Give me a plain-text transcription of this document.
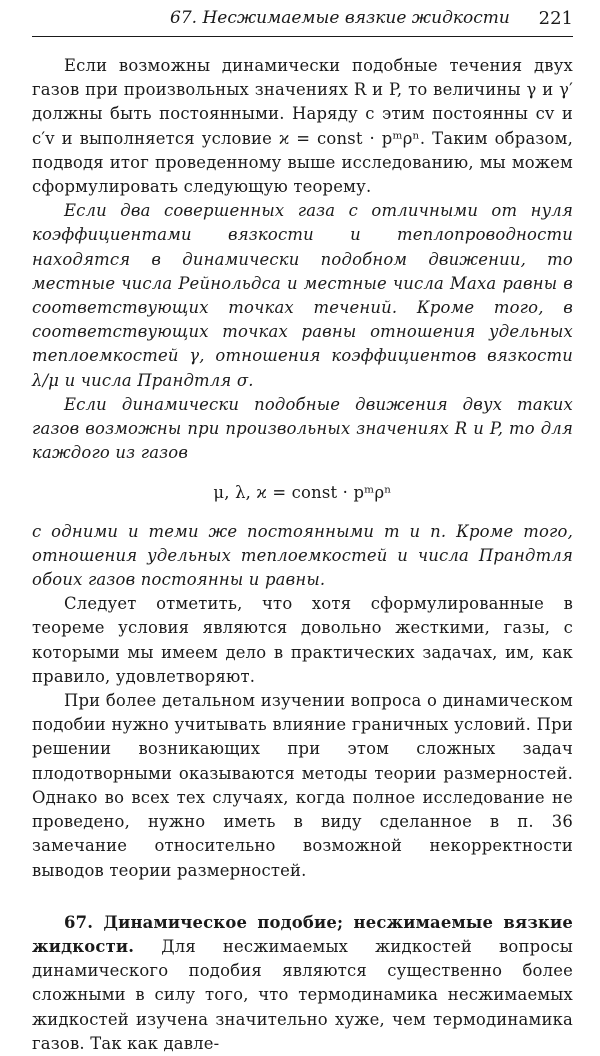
67. Несжимаемые вязкие жидкости 221

Если возможны динамически подобные течения двух газов при произвольных значениях R и P, то величины γ и γ′ должны быть постоянными. Наряду с этим постоянны cv и c′v и выполняется условие ϰ = const · pᵐρⁿ. Таким образом, подводя итог проведенному выше исследованию, мы можем сформулировать следующую теорему.

Если два совершенных газа с отличными от нуля коэффициентами вязкости и теплопроводности находятся в динамически подобном движении, то местные числа Рейнольдса и местные числа Маха равны в соответствующих точках течений. Кроме того, в соответствующих точках равны отношения удельных теплоемкостей γ, отношения коэффициентов вязкости λ/μ и числа Прандтля σ.

Если динамически подобные движения двух таких газов возможны при произвольных значениях R и P, то для каждого из газов

μ, λ, ϰ = const · pᵐρⁿ

с одними и теми же постоянными m и n. Кроме того, отношения удельных теплоемкостей и числа Прандтля обоих газов постоянны и равны.

Следует отметить, что хотя сформулированные в теореме условия являются довольно жесткими, газы, с которыми мы имеем дело в практических задачах, им, как правило, удовлетворяют.

При более детальном изучении вопроса о динамическом подобии нужно учитывать влияние граничных условий. При решении возникающих при этом сложных задач плодотворными оказываются методы теории размерностей. Однако во всех тех случаях, когда полное исследование не проведено, нужно иметь в виду сделанное в п. 36 замечание относительно возможной некорректности выводов теории размерностей.

67. Динамическое подобие; несжимаемые вязкие жидкости. Для несжимаемых жидкостей вопросы динамического подобия являются существенно более сложными в силу того, что термодинамика несжимаемых жидкостей изучена значительно хуже, чем термодинамика газов. Так как давле-
